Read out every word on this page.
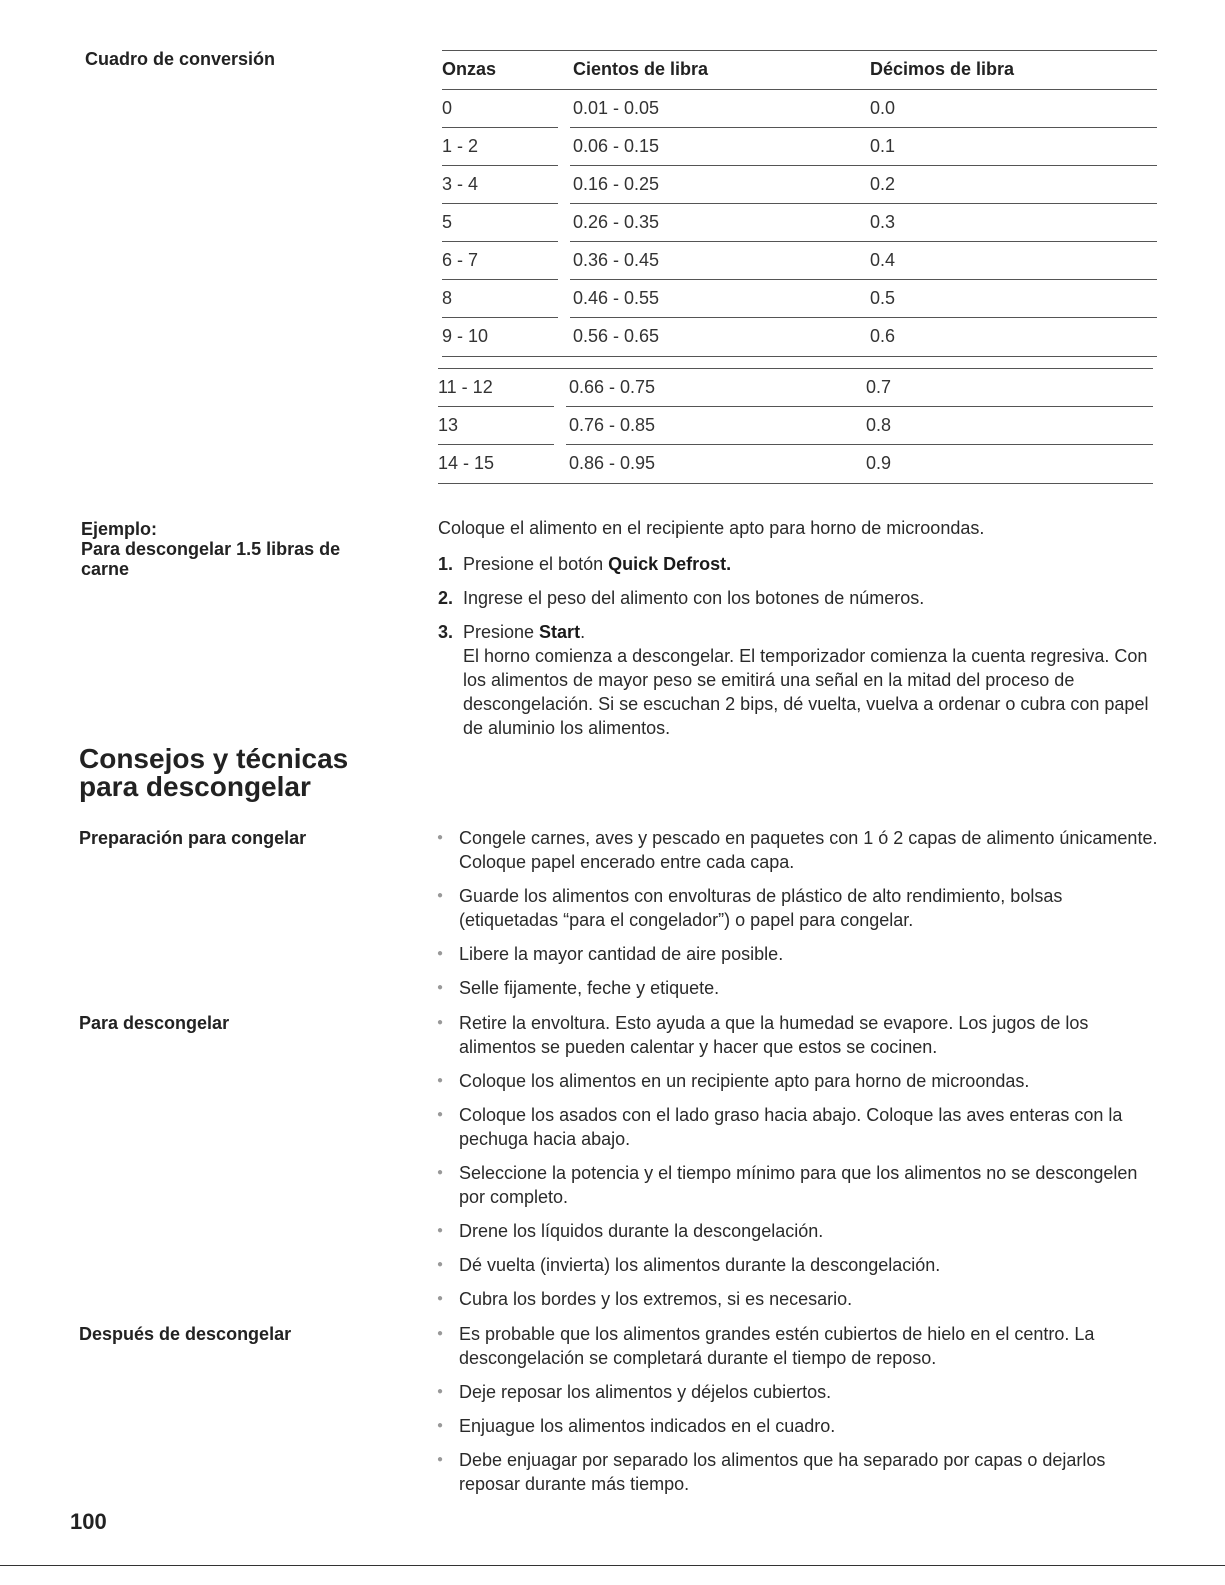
Cuadro de conversión	Onzas	Cientos de libra	Décimos de libra
0	0.01 - 0.05	0.0
1 - 2	0.06 - 0.15	0.1
3 - 4	0.16 - 0.25	0.2
5	0.26 - 0.35	0.3
6 - 7	0.36 - 0.45	0.4
8	0.46 - 0.55	0.5
9 - 10	0.56 - 0.65	0.6
11 - 12	0.66 - 0.75	0.7
13	0.76 - 0.85	0.8
14 - 15	0.86 - 0.95	0.9
Ejemplo:
Para descongelar 1.5 libras de carne
Coloque el alimento en el recipiente apto para horno de microondas.
1. Presione el botón Quick Defrost.
2. Ingrese el peso del alimento con los botones de números.
3. Presione Start.
El horno comienza a descongelar. El temporizador comienza la cuenta regresiva. Con los alimentos de mayor peso se emitirá una señal en la mitad del proceso de descongelación. Si se escuchan 2 bips, dé vuelta, vuelva a ordenar o cubra con papel de aluminio los alimentos.
Consejos y técnicas
para descongelar
Preparación para congelar	● Congele carnes, aves y pescado en paquetes con 1 ó 2 capas de alimento únicamente. Coloque papel encerado entre cada capa.
● Guarde los alimentos con envolturas de plástico de alto rendimiento, bolsas (etiquetadas “para el congelador”) o papel para congelar.
● Libere la mayor cantidad de aire posible.
● Selle fijamente, feche y etiquete.
Para descongelar	● Retire la envoltura. Esto ayuda a que la humedad se evapore. Los jugos de los alimentos se pueden calentar y hacer que estos se cocinen.
● Coloque los alimentos en un recipiente apto para horno de microondas.
● Coloque los asados con el lado graso hacia abajo. Coloque las aves enteras con la pechuga hacia abajo.
● Seleccione la potencia y el tiempo mínimo para que los alimentos no se descongelen por completo.
● Drene los líquidos durante la descongelación.
● Dé vuelta (invierta) los alimentos durante la descongelación.
● Cubra los bordes y los extremos, si es necesario.
Después de descongelar	● Es probable que los alimentos grandes estén cubiertos de hielo en el centro. La descongelación se completará durante el tiempo de reposo.
● Deje reposar los alimentos y déjelos cubiertos.
● Enjuague los alimentos indicados en el cuadro.
● Debe enjuagar por separado los alimentos que ha separado por capas o dejarlos reposar durante más tiempo.
100
